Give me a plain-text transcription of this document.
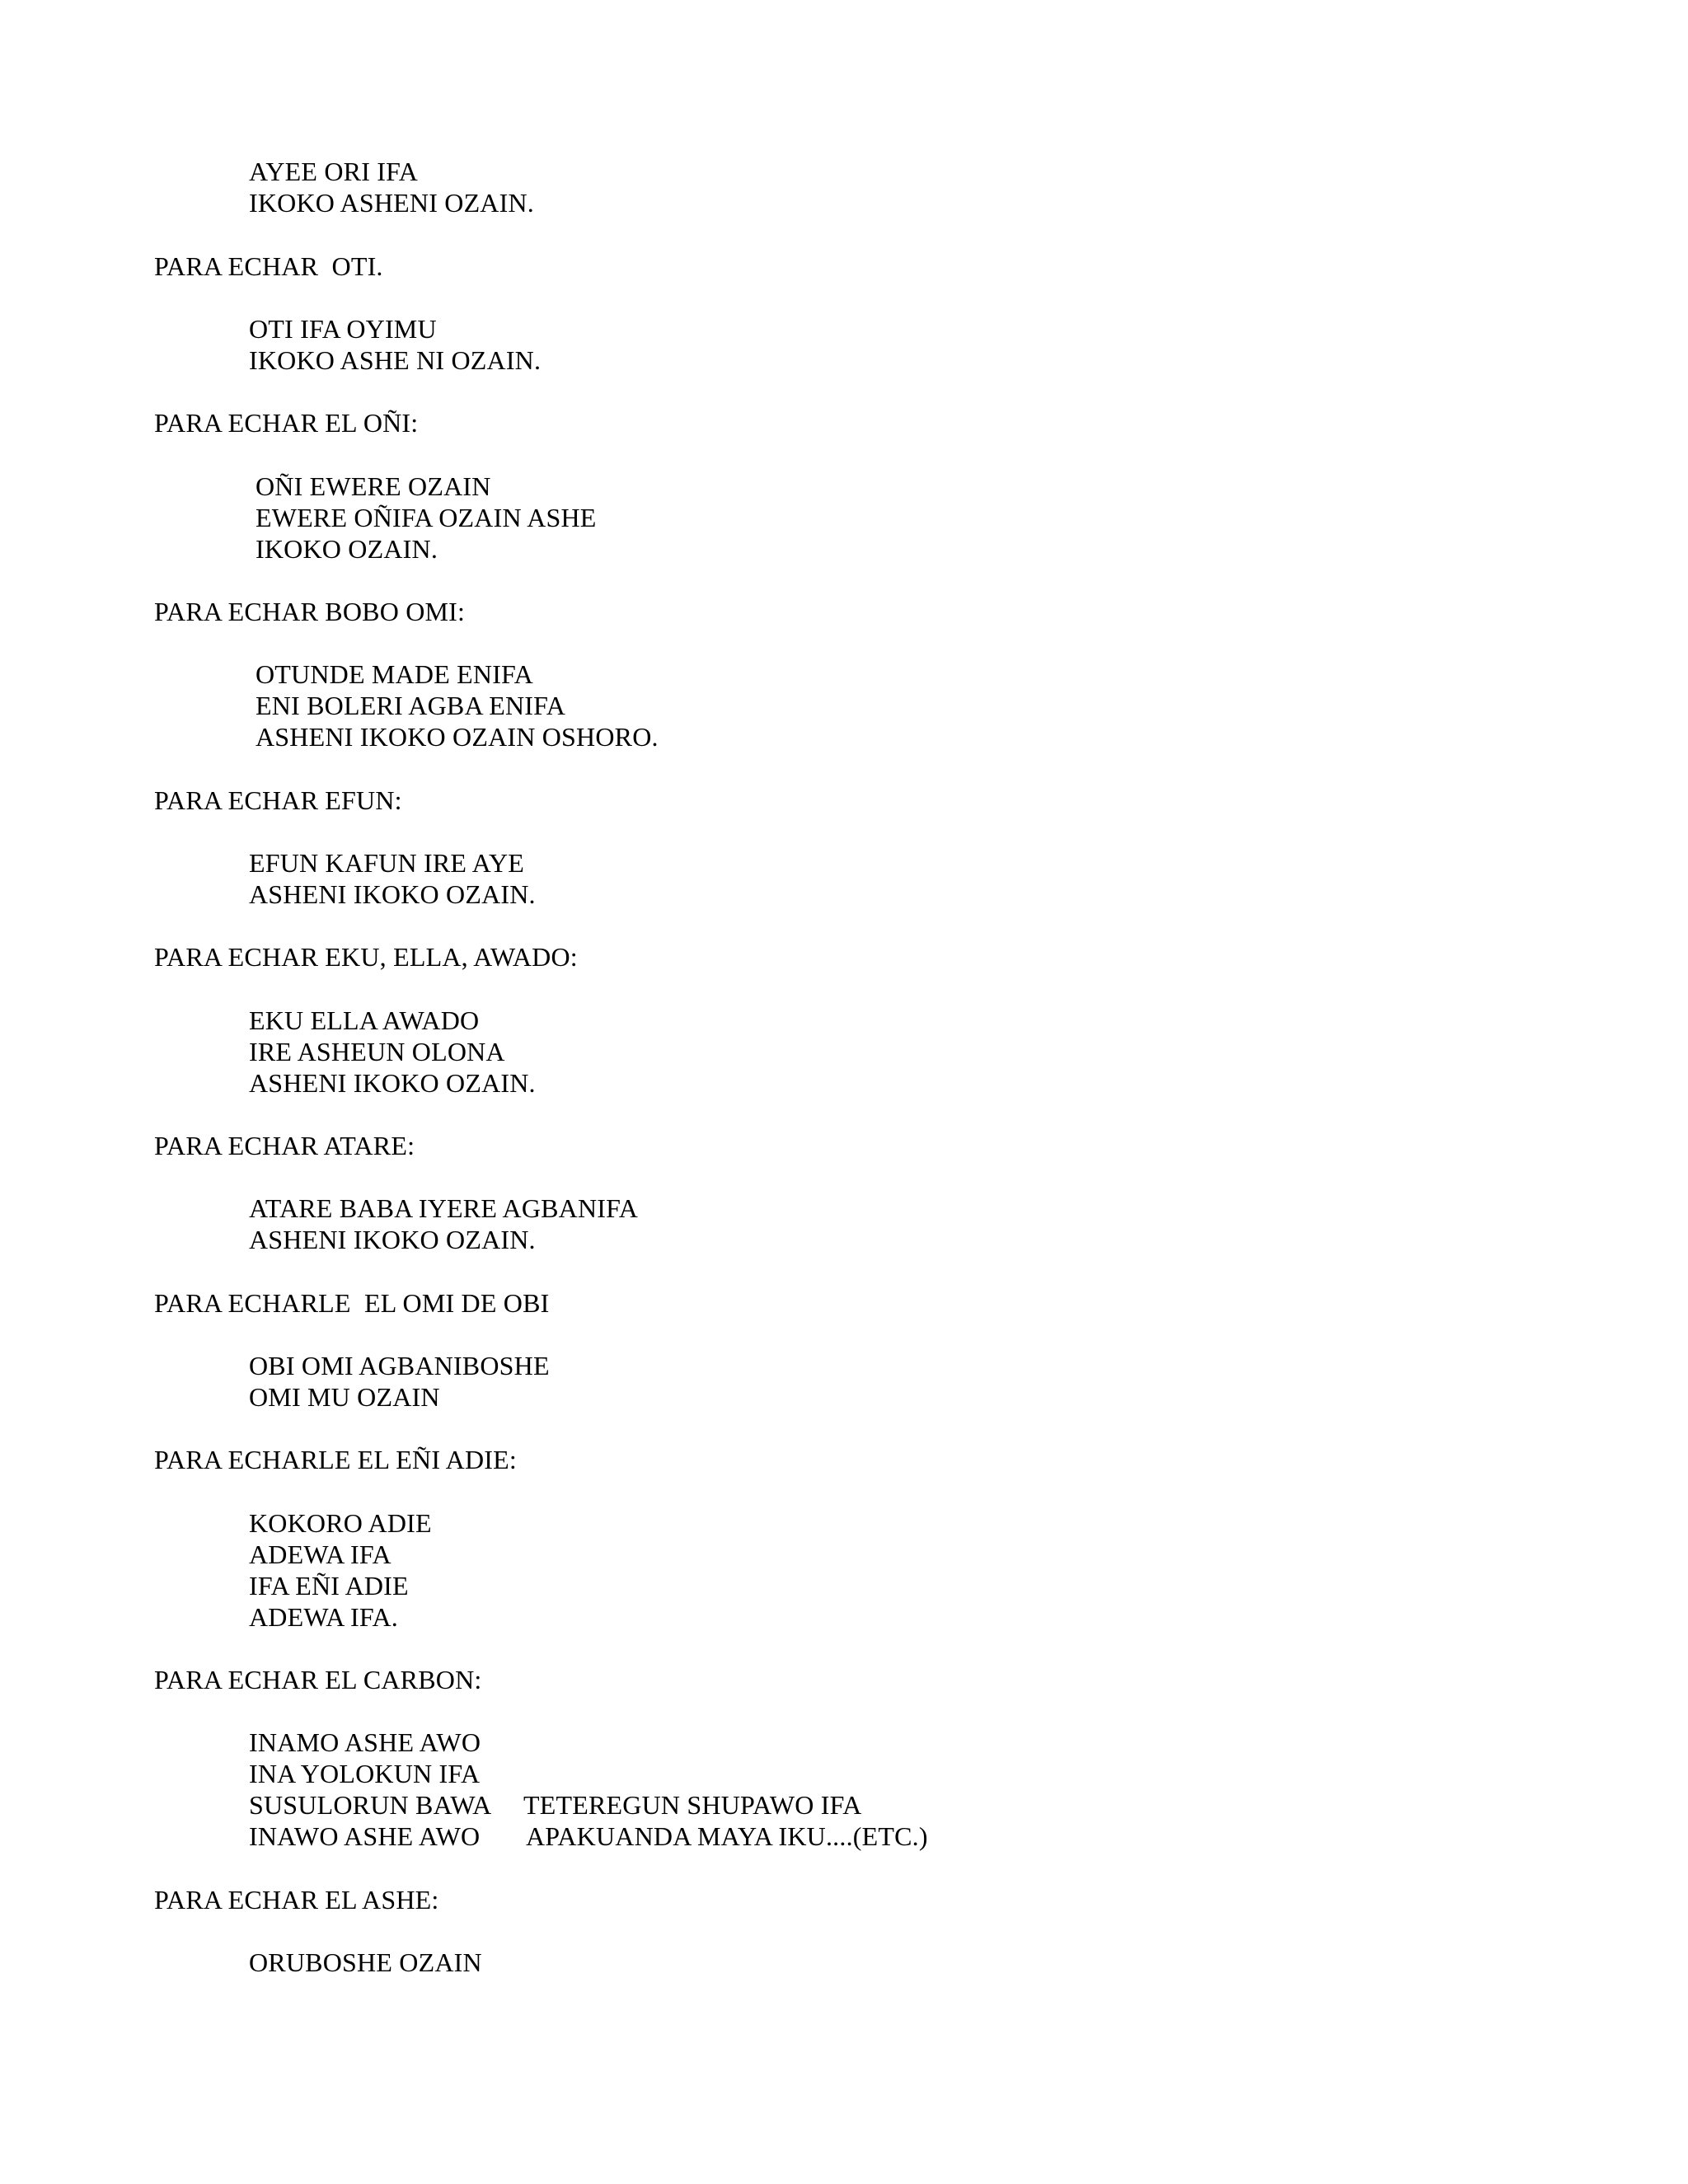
AYEE ORI IFA
IKOKO ASHENI OZAIN.
PARA ECHAR  OTI.
OTI IFA OYIMU
IKOKO ASHE NI OZAIN.
PARA ECHAR EL OÑI:
OÑI EWERE OZAIN
EWERE OÑIFA OZAIN ASHE
IKOKO OZAIN.
PARA ECHAR BOBO OMI:
OTUNDE MADE ENIFA
ENI BOLERI AGBA ENIFA
ASHENI IKOKO OZAIN OSHORO.
PARA ECHAR EFUN:
EFUN KAFUN IRE AYE
ASHENI IKOKO OZAIN.
PARA ECHAR EKU, ELLA, AWADO:
EKU ELLA AWADO
IRE ASHEUN OLONA
ASHENI IKOKO OZAIN.
PARA ECHAR ATARE:
ATARE BABA IYERE AGBANIFA
ASHENI IKOKO OZAIN.
PARA ECHARLE  EL OMI DE OBI
OBI OMI AGBANIBOSHE
OMI MU OZAIN
PARA ECHARLE EL EÑI ADIE:
KOKORO ADIE
ADEWA IFA
IFA EÑI ADIE
ADEWA IFA.
PARA ECHAR EL CARBON:
INAMO ASHE AWO
INA YOLOKUN IFA
SUSULORUN BAWA TETEREGUN SHUPAWO IFA
INAWO ASHE AWO APAKUANDA MAYA IKU....(ETC.)
PARA ECHAR EL ASHE:
ORUBOSHE OZAIN
